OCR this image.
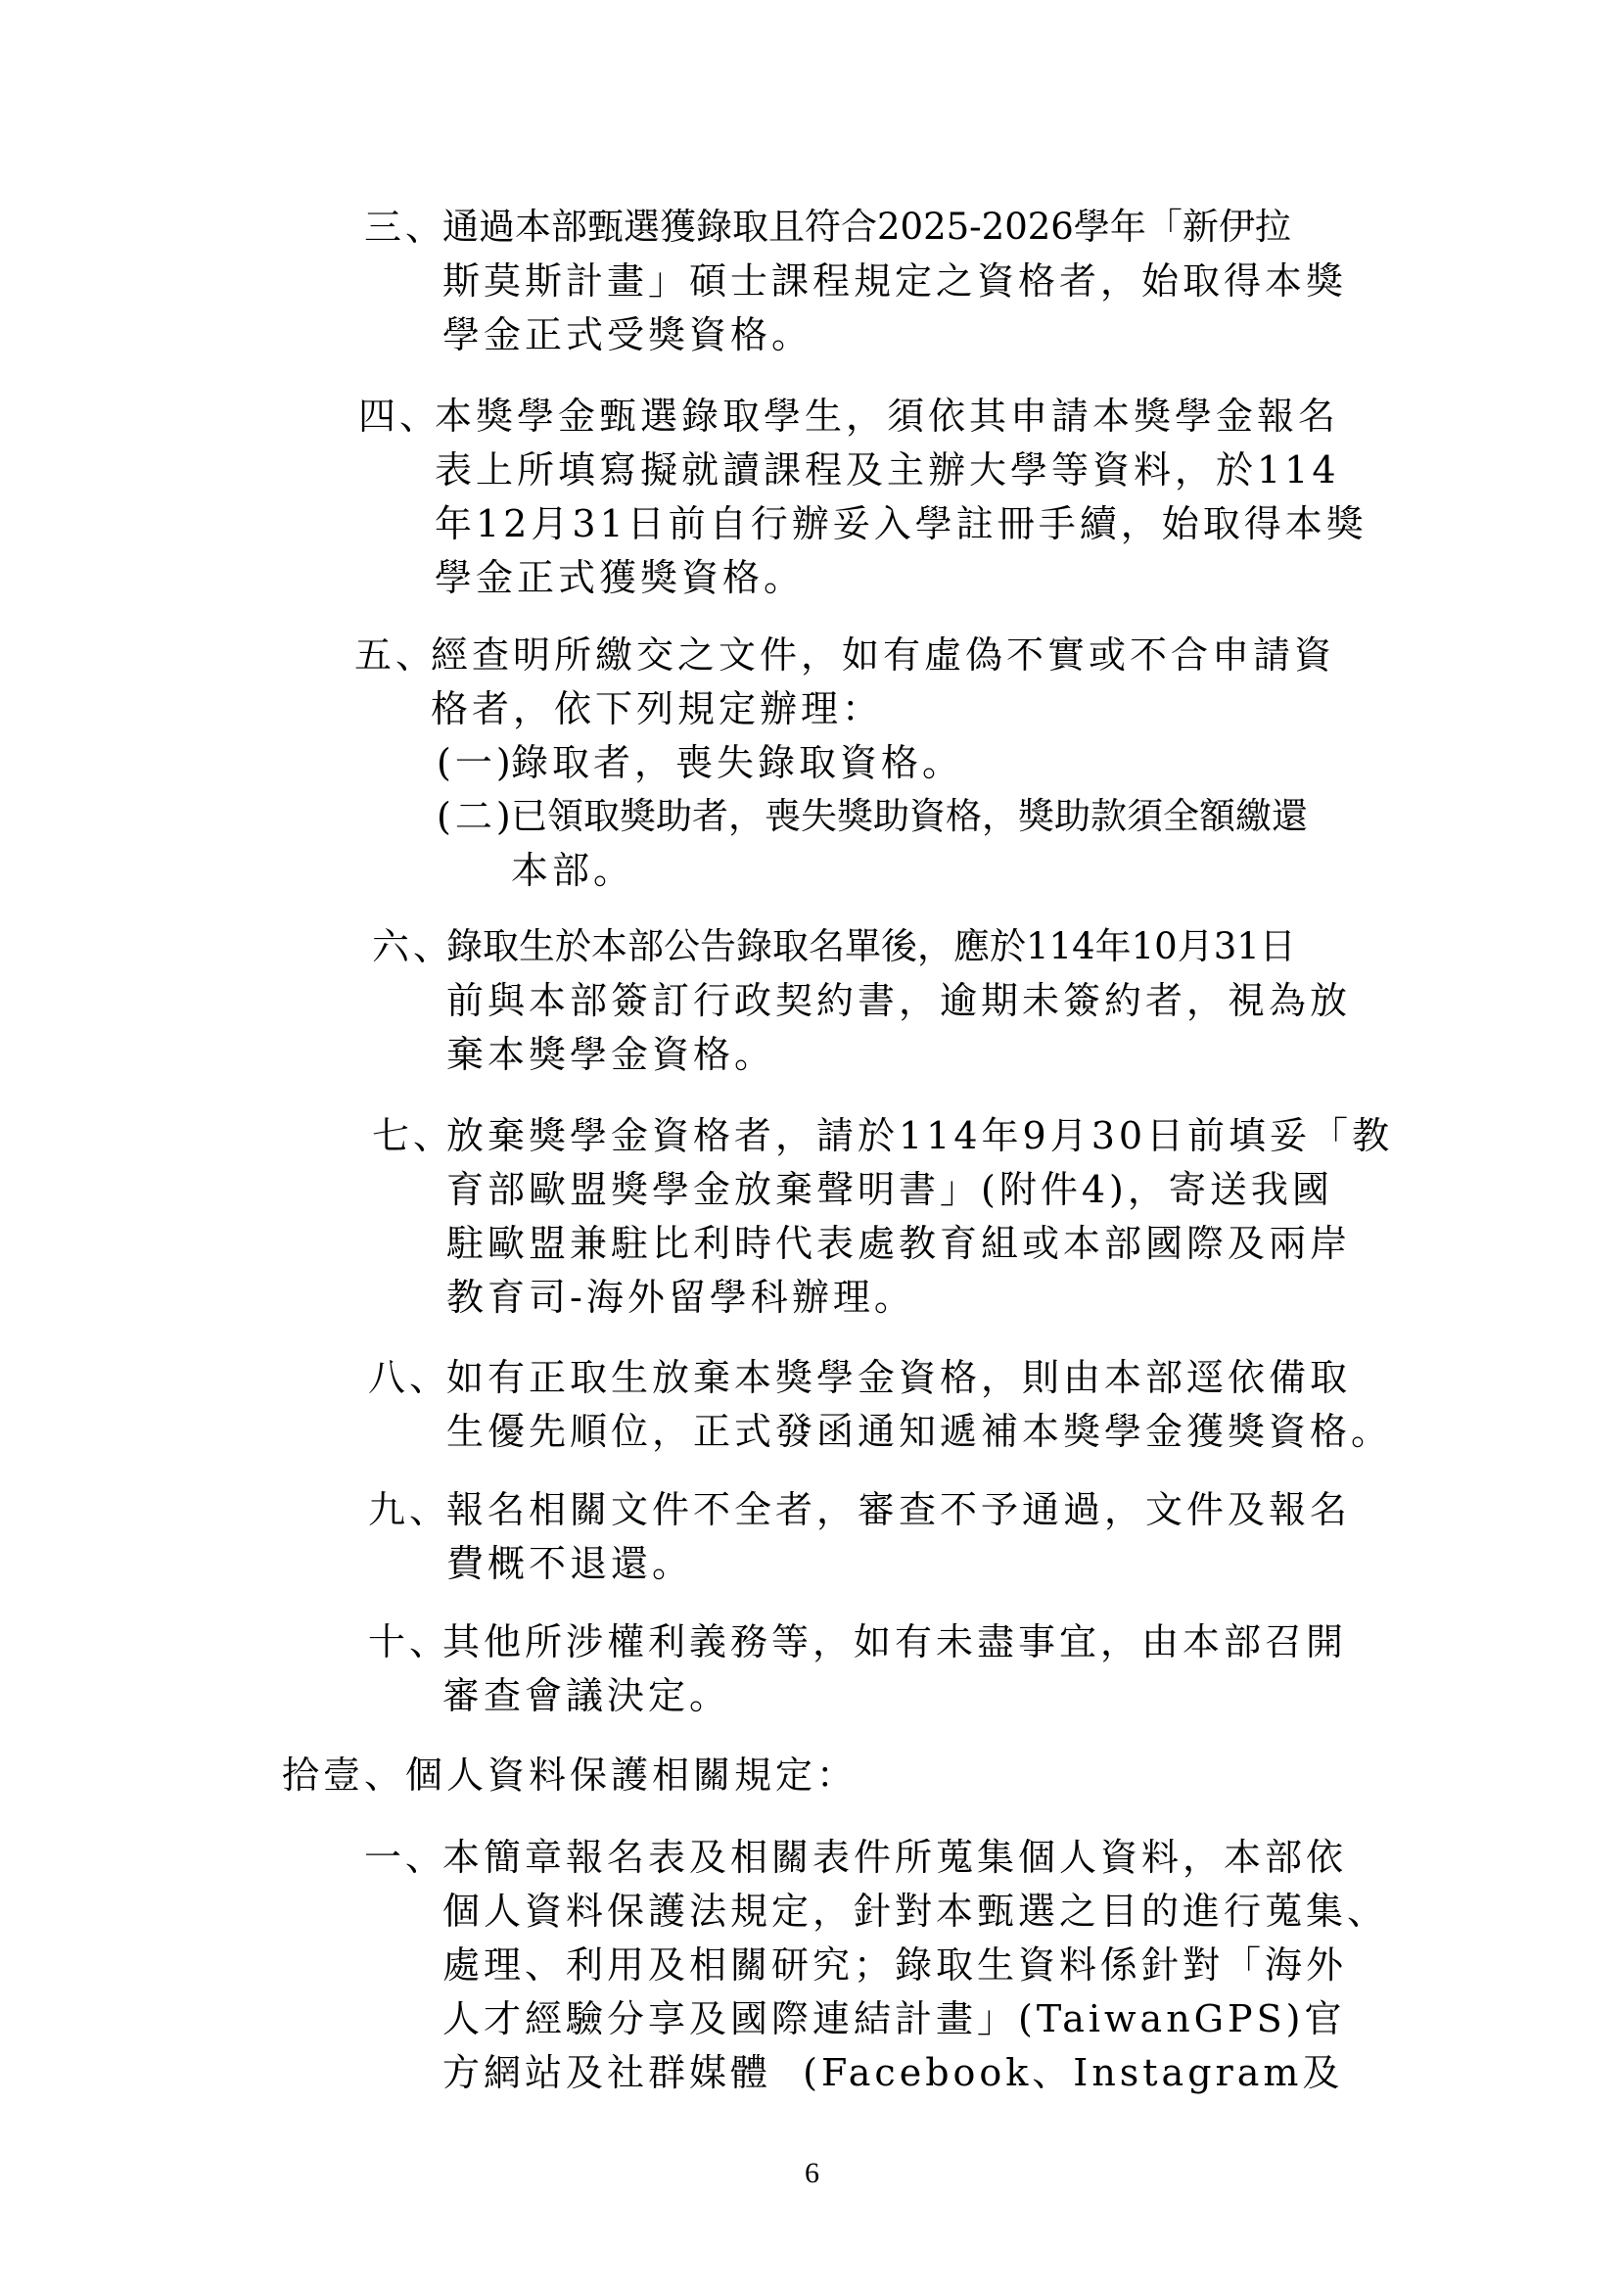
三、
通過本部甄選獲錄取且符合2025-2026學年「新伊拉
斯莫斯計畫」碩士課程規定之資格者，始取得本獎
學金正式受獎資格。
四、
本獎學金甄選錄取學生，須依其申請本獎學金報名
表上所填寫擬就讀課程及主辦大學等資料，於114
年12月31日前自行辦妥入學註冊手續，始取得本獎
學金正式獲獎資格。
五、
經查明所繳交之文件，如有虛偽不實或不合申請資
格者，依下列規定辦理：
(一)
錄取者，喪失錄取資格。
(二)
已領取獎助者，喪失獎助資格，獎助款須全額繳還
本部。
六、
錄取生於本部公告錄取名單後，應於114年10月31日
前與本部簽訂行政契約書，逾期未簽約者，視為放
棄本獎學金資格。
七、
放棄獎學金資格者，請於114年9月30日前填妥「教
育部歐盟獎學金放棄聲明書」(附件4)，寄送我國
駐歐盟兼駐比利時代表處教育組或本部國際及兩岸
教育司-海外留學科辦理。
八、
如有正取生放棄本獎學金資格，則由本部逕依備取
生優先順位，正式發函通知遞補本獎學金獲獎資格。
九、
報名相關文件不全者，審查不予通過，文件及報名
費概不退還。
十、
其他所涉權利義務等，如有未盡事宜，由本部召開
審查會議決定。
拾壹、個人資料保護相關規定：
一、
本簡章報名表及相關表件所蒐集個人資料，本部依
個人資料保護法規定，針對本甄選之目的進行蒐集、
處理、利用及相關研究；錄取生資料係針對「海外
人才經驗分享及國際連結計畫」(TaiwanGPS)官
方網站及社群媒體  (Facebook、Instagram及
6
